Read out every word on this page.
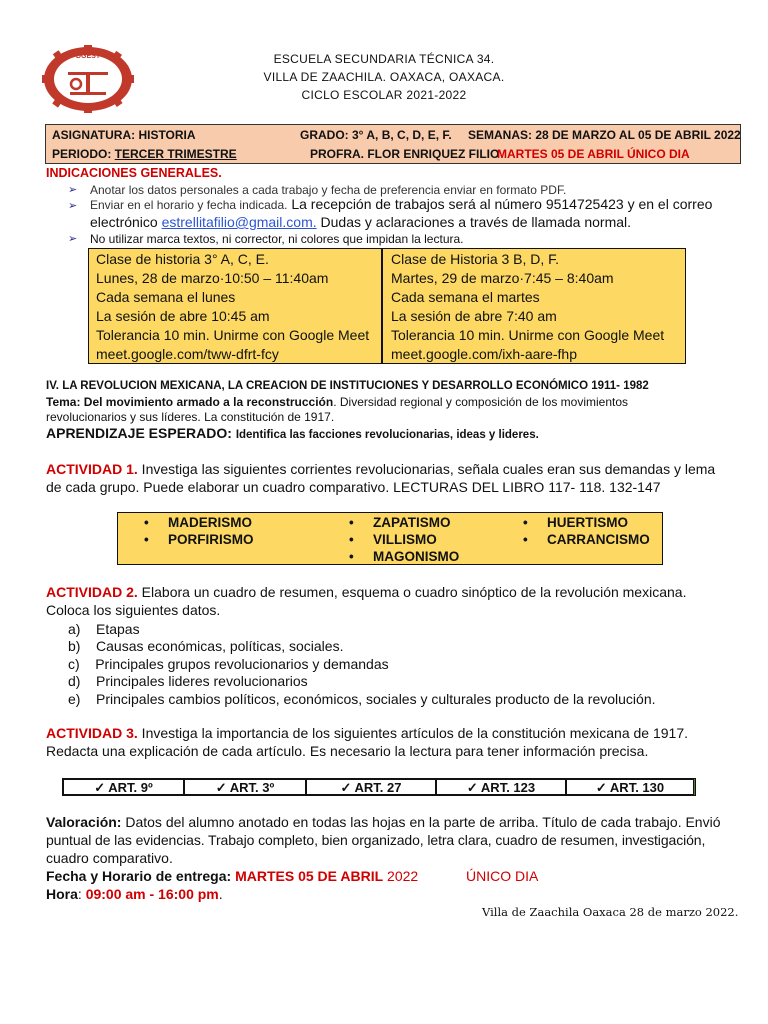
DGEST	ESCUELA SECUNDARIA TÉCNICA 34.
VILLA DE ZAACHILA. OAXACA, OAXACA.
CICLO ESCOLAR 2021-2022
ASIGNATURA: HISTORIA	GRADO: 3° A, B, C, D, E, F. SEMANAS: 28 DE MARZO AL 05 DE ABRIL 2022
PERIODO: TERCER TRIMESTRE	PROFRA. FLOR ENRIQUEZ FILIO
MARTES 05 DE ABRIL ÚNICO DIA
INDICACIONES GENERALES.
➢ Anotar los datos personales a cada trabajo y fecha de preferencia enviar en formato PDF.
➢ Enviar en el horario y fecha indicada. La recepción de trabajos será al número 9514725423 y en el correo
electrónico estrellitafilio@gmail.com. Dudas y aclaraciones a través de llamada normal.
➢ No utilizar marca textos, ni corrector, ni colores que impidan la lectura.
Clase de historia 3° A, C, E.
Lunes, 28 de marzo·10:50 – 11:40am
Cada semana el lunes
La sesión de abre 10:45 am
Tolerancia 10 min. Unirme con Google Meet
meet.google.com/tww-dfrt-fcy
Clase de Historia 3 B, D, F.
Martes, 29 de marzo·7:45 – 8:40am
Cada semana el martes
La sesión de abre 7:40 am
Tolerancia 10 min. Unirme con Google Meet
meet.google.com/ixh-aare-fhp
IV. LA REVOLUCION MEXICANA, LA CREACION DE INSTITUCIONES Y DESARROLLO ECONÓMICO 1911- 1982
Tema: Del movimiento armado a la reconstrucción. Diversidad regional y composición de los movimientos
revolucionarios y sus líderes. La constitución de 1917.
APRENDIZAJE ESPERADO: Identifica las facciones revolucionarias, ideas y lideres.
ACTIVIDAD 1. Investiga las siguientes corrientes revolucionarias, señala cuales eran sus demandas y lema
de cada grupo. Puede elaborar un cuadro comparativo. LECTURAS DEL LIBRO 117- 118. 132-147
• MADERISMO
• PORFIRISMO
• ZAPATISMO
• VILLISMO
• MAGONISMO
• HUERTISMO
• CARRANCISMO
ACTIVIDAD 2. Elabora un cuadro de resumen, esquema o cuadro sinóptico de la revolución mexicana.
Coloca los siguientes datos.
a)    Etapas
b)    Causas económicas, políticas, sociales.
c)    Principales grupos revolucionarios y demandas
d)    Principales lideres revolucionarios
e)    Principales cambios políticos, económicos, sociales y culturales producto de la revolución.
ACTIVIDAD 3. Investiga la importancia de los siguientes artículos de la constitución mexicana de 1917.
Redacta una explicación de cada artículo. Es necesario la lectura para tener información precisa.
✓ ART. 9º	✓ ART. 3º	✓ ART. 27	✓ ART. 123	✓ ART. 130
Valoración: Datos del alumno anotado en todas las hojas en la parte de arriba. Título de cada trabajo. Envió
puntual de las evidencias. Trabajo completo, bien organizado, letra clara, cuadro de resumen, investigación,
cuadro comparativo.
Fecha y Horario de entrega: MARTES 05 DE ABRIL 2022	ÚNICO DIA
Hora: 09:00 am - 16:00 pm.
Villa de Zaachila Oaxaca 28 de marzo 2022.
